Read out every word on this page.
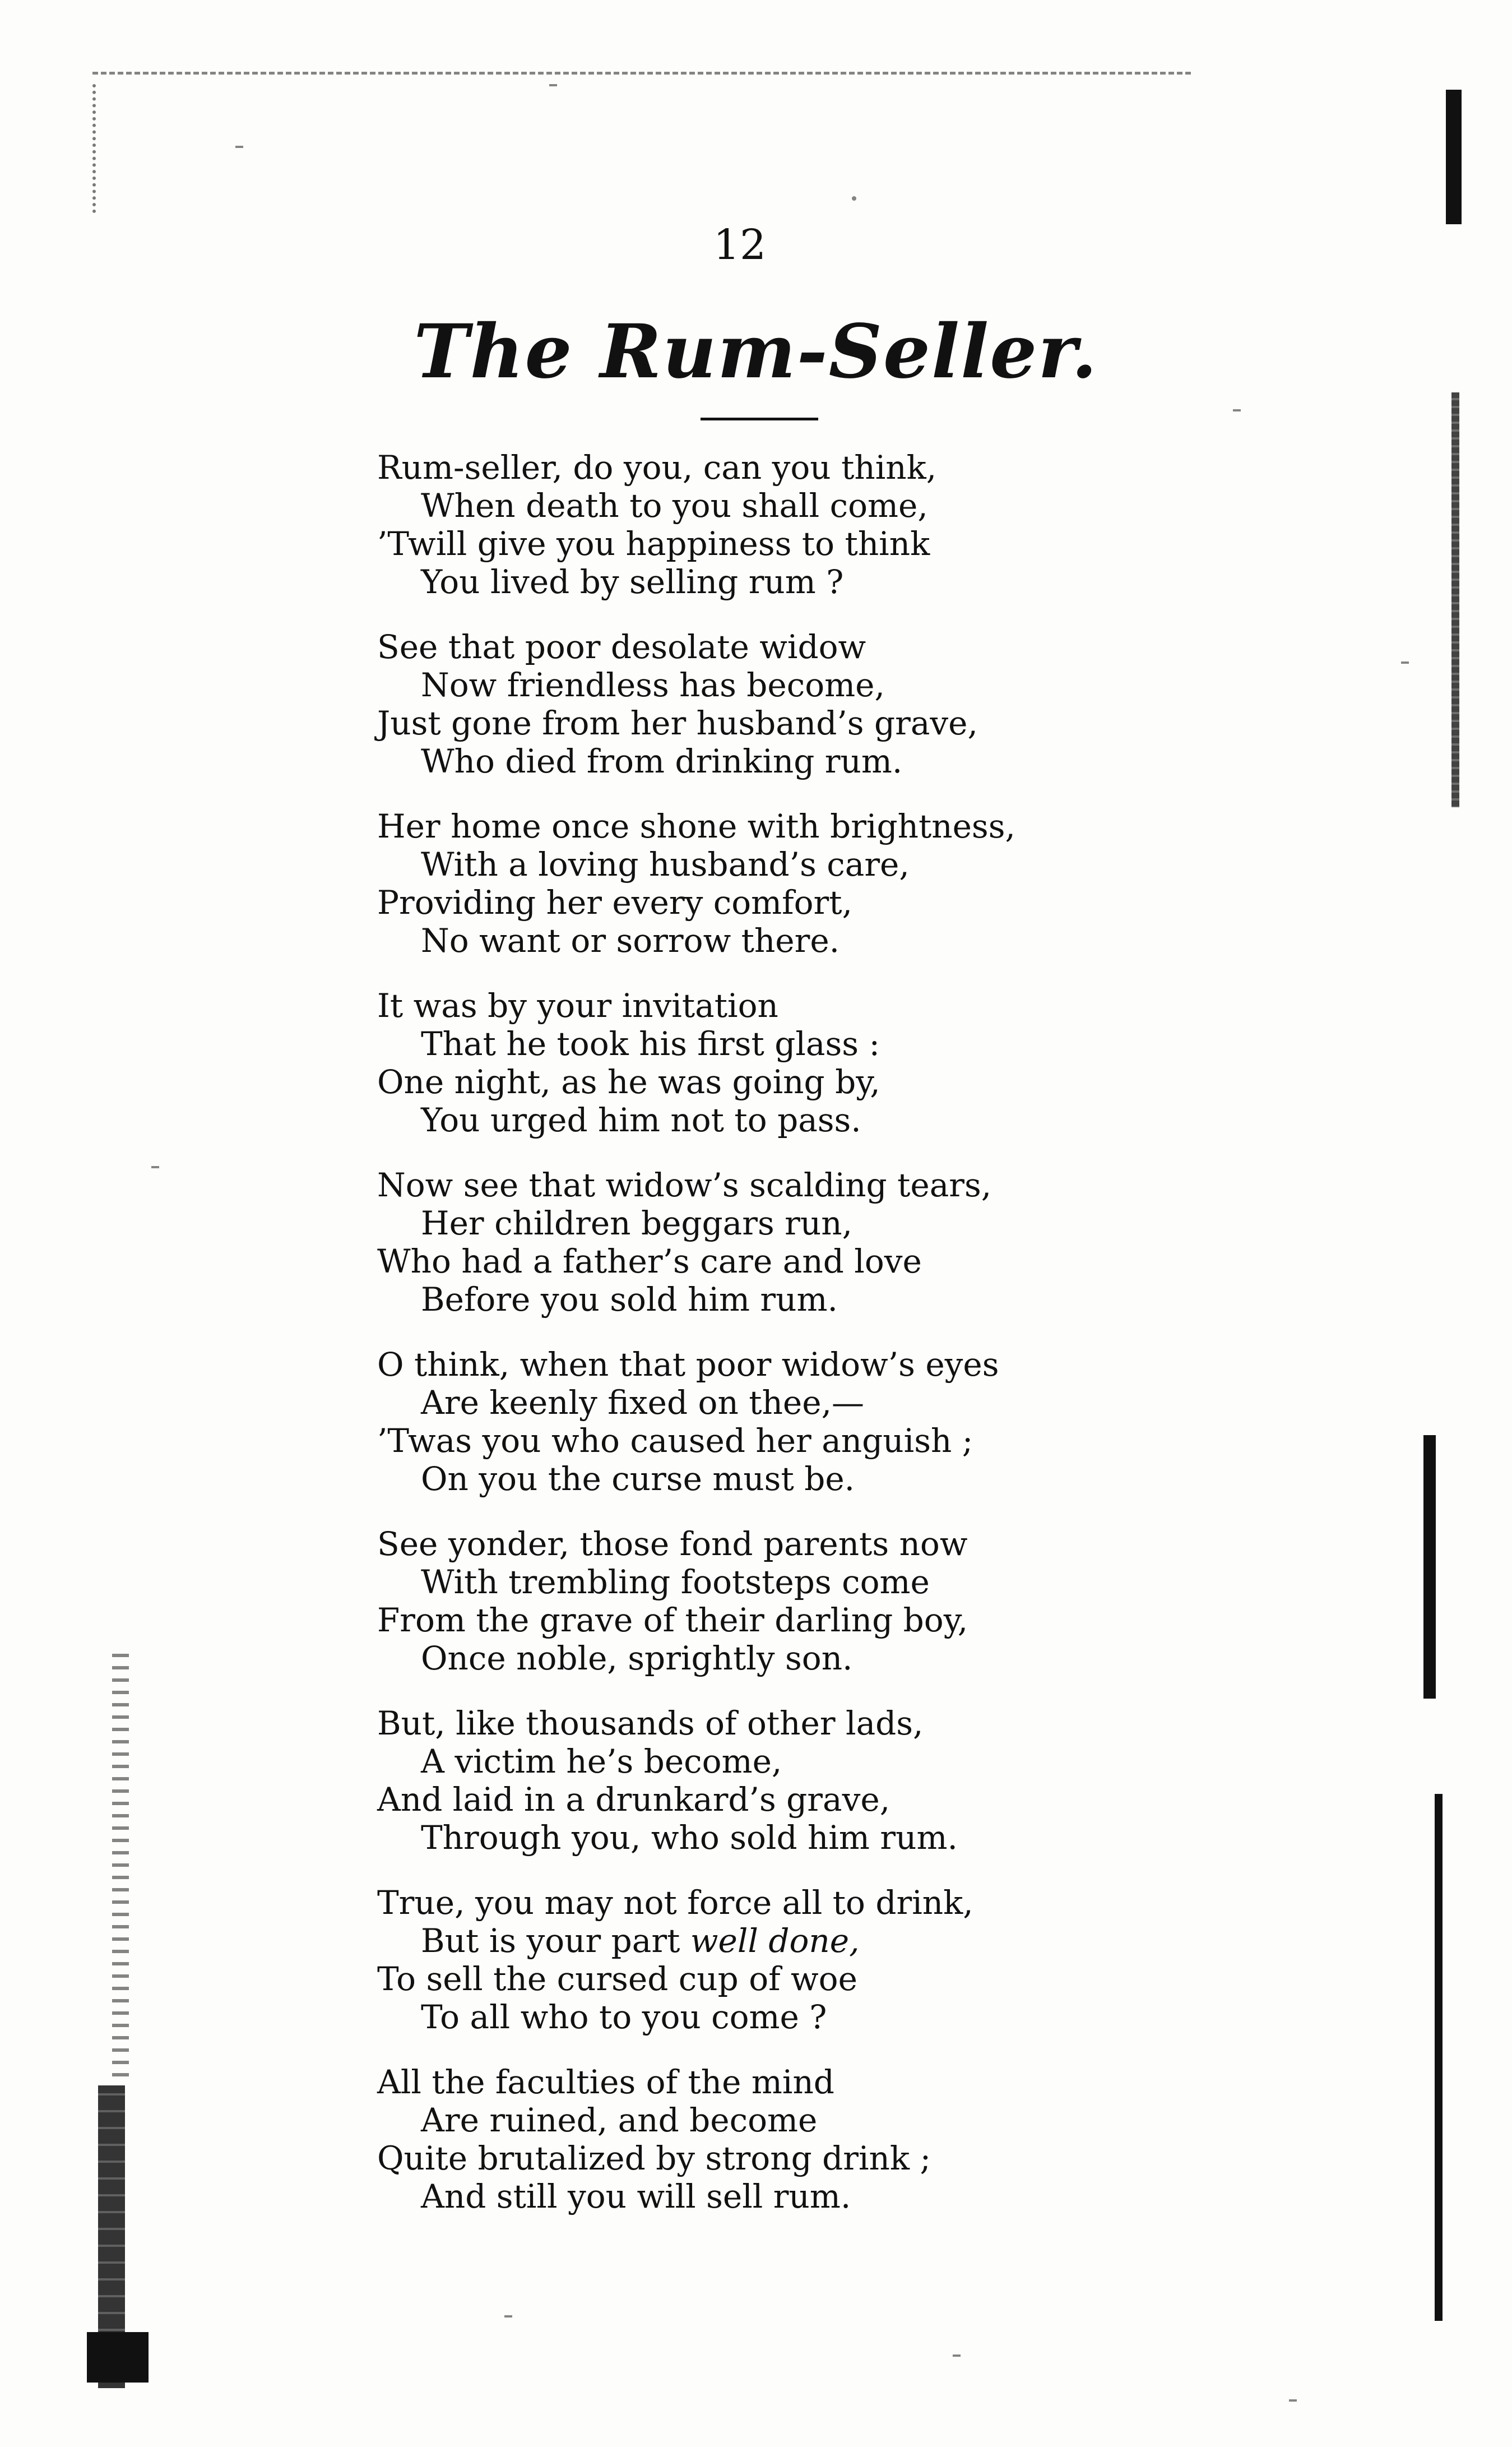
12
The Rum-Seller.
Rum-seller, do you, can you think,
When death to you shall come,
’Twill give you happiness to think
You lived by selling rum ?
See that poor desolate widow
Now friendless has become,
Just gone from her husband’s grave,
Who died from drinking rum.
Her home once shone with brightness,
With a loving husband’s care,
Providing her every comfort,
No want or sorrow there.
It was by your invitation
That he took his first glass :
One night, as he was going by,
You urged him not to pass.
Now see that widow’s scalding tears,
Her children beggars run,
Who had a father’s care and love
Before you sold him rum.
O think, when that poor widow’s eyes
Are keenly fixed on thee,—
’Twas you who caused her anguish ;
On you the curse must be.
See yonder, those fond parents now
With trembling footsteps come
From the grave of their darling boy,
Once noble, sprightly son.
But, like thousands of other lads,
A victim he’s become,
And laid in a drunkard’s grave,
Through you, who sold him rum.
True, you may not force all to drink,
But is your part well done,
To sell the cursed cup of woe
To all who to you come ?
All the faculties of the mind
Are ruined, and become
Quite brutalized by strong drink ;
And still you will sell rum.
